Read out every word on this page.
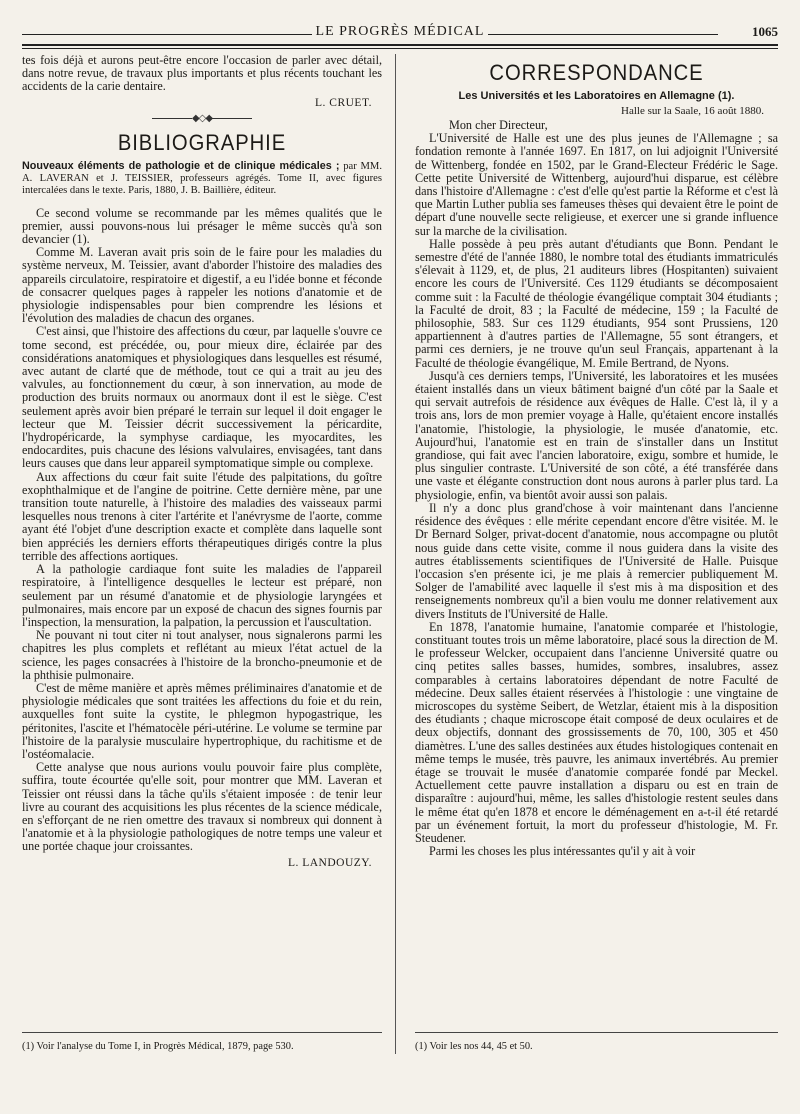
LE PROGRÈS MÉDICAL	1065

tes fois déjà et aurons peut-être encore l'occasion de parler avec détail, dans notre revue, de travaux plus importants et plus récents touchant les accidents de la carie dentaire.

L. CRUET.
◆◇◆
BIBLIOGRAPHIE
Nouveaux éléments de pathologie et de clinique médicales ; par MM. A. LAVERAN et J. TEISSIER, professeurs agrégés. Tome II, avec figures intercalées dans le texte. Paris, 1880, J. B. Baillière, éditeur.

Ce second volume se recommande par les mêmes qualités que le premier, aussi pouvons-nous lui présager le même succès qu'à son devancier (1).

Comme M. Laveran avait pris soin de le faire pour les maladies du système nerveux, M. Teissier, avant d'aborder l'histoire des maladies des appareils circulatoire, respiratoire et digestif, a eu l'idée bonne et féconde de consacrer quelques pages à rappeler les notions d'anatomie et de physiologie indispensables pour bien comprendre les lésions et l'évolution des maladies de chacun des organes.

C'est ainsi, que l'histoire des affections du cœur, par laquelle s'ouvre ce tome second, est précédée, ou, pour mieux dire, éclairée par des considérations anatomiques et physiologiques dans lesquelles est résumé, avec autant de clarté que de méthode, tout ce qui a trait au jeu des valvules, au fonctionnement du cœur, à son innervation, au mode de production des bruits normaux ou anormaux dont il est le siège. C'est seulement après avoir bien préparé le terrain sur lequel il doit engager le lecteur que M. Teissier décrit successivement la péricardite, l'hydropéricarde, la symphyse cardiaque, les myocardites, les endocardites, puis chacune des lésions valvulaires, envisagées, tant dans leurs causes que dans leur appareil symptomatique simple ou complexe.

Aux affections du cœur fait suite l'étude des palpitations, du goître exophthalmique et de l'angine de poitrine. Cette dernière mène, par une transition toute naturelle, à l'histoire des maladies des vaisseaux parmi lesquelles nous trenons à citer l'artérite et l'anévrysme de l'aorte, comme ayant été l'objet d'une description exacte et complète dans laquelle sont bien appréciés les derniers efforts thérapeutiques dirigés contre la plus terrible des affections aortiques.

A la pathologie cardiaque font suite les maladies de l'appareil respiratoire, à l'intelligence desquelles le lecteur est préparé, non seulement par un résumé d'anatomie et de physiologie laryngées et pulmonaires, mais encore par un exposé de chacun des signes fournis par l'inspection, la mensuration, la palpation, la percussion et l'auscultation.

Ne pouvant ni tout citer ni tout analyser, nous signalerons parmi les chapitres les plus complets et reflétant au mieux l'état actuel de la science, les pages consacrées à l'histoire de la broncho-pneumonie et de la phthisie pulmonaire.

C'est de même manière et après mêmes préliminaires d'anatomie et de physiologie médicales que sont traitées les affections du foie et du rein, auxquelles font suite la cystite, le phlegmon hypogastrique, les péritonites, l'ascite et l'hématocèle péri-utérine. Le volume se termine par l'histoire de la paralysie musculaire hypertrophique, du rachitisme et de l'ostéomalacie.

Cette analyse que nous aurions voulu pouvoir faire plus complète, suffira, toute écourtée qu'elle soit, pour montrer que MM. Laveran et Teissier ont réussi dans la tâche qu'ils s'étaient imposée : de tenir leur livre au courant des acquisitions les plus récentes de la science médicale, en s'efforçant de ne rien omettre des travaux si nombreux qui donnent à l'anatomie et à la physiologie pathologiques de notre temps une valeur et une portée chaque jour croissantes.

L. LANDOUZY.
CORRESPONDANCE
Les Universités et les Laboratoires en Allemagne (1).
Halle sur la Saale, 16 août 1880.

Mon cher Directeur,

L'Université de Halle est une des plus jeunes de l'Allemagne ; sa fondation remonte à l'année 1697. En 1817, on lui adjoignit l'Université de Wittenberg, fondée en 1502, par le Grand-Electeur Frédéric le Sage. Cette petite Université de Wittenberg, aujourd'hui disparue, est célèbre dans l'histoire d'Allemagne : c'est d'elle qu'est partie la Réforme et c'est là que Martin Luther publia ses fameuses thèses qui devaient être le point de départ d'une nouvelle secte religieuse, et exercer une si grande influence sur la marche de la civilisation.

Halle possède à peu près autant d'étudiants que Bonn. Pendant le semestre d'été de l'année 1880, le nombre total des étudiants immatriculés s'élevait à 1129, et, de plus, 21 auditeurs libres (Hospitanten) suivaient encore les cours de l'Université. Ces 1129 étudiants se décomposaient comme suit : la Faculté de théologie évangélique comptait 304 étudiants ; la Faculté de droit, 83 ; la Faculté de médecine, 159 ; la Faculté de philosophie, 583. Sur ces 1129 étudiants, 954 sont Prussiens, 120 appartiennent à d'autres parties de l'Allemagne, 55 sont étrangers, et parmi ces derniers, je ne trouve qu'un seul Français, appartenant à la Faculté de théologie évangélique, M. Emile Bertrand, de Nyons.

Jusqu'à ces derniers temps, l'Université, les laboratoires et les musées étaient installés dans un vieux bâtiment baigné d'un côté par la Saale et qui servait autrefois de résidence aux évêques de Halle. C'est là, il y a trois ans, lors de mon premier voyage à Halle, qu'étaient encore installés l'anatomie, l'histologie, la physiologie, le musée d'anatomie, etc. Aujourd'hui, l'anatomie est en train de s'installer dans un Institut grandiose, qui fait avec l'ancien laboratoire, exigu, sombre et humide, le plus singulier contraste. L'Université de son côté, a été transférée dans une vaste et élégante construction dont nous aurons à parler plus tard. La physiologie, enfin, va bientôt avoir aussi son palais.

Il n'y a donc plus grand'chose à voir maintenant dans l'ancienne résidence des évêques : elle mérite cependant encore d'être visitée. M. le Dr Bernard Solger, privat-docent d'anatomie, nous accompagne ou plutôt nous guide dans cette visite, comme il nous guidera dans la visite des autres établissements scientifiques de l'Université de Halle. Puisque l'occasion s'en présente ici, je me plais à remercier publiquement M. Solger de l'amabilité avec laquelle il s'est mis à ma disposition et des renseignements nombreux qu'il a bien voulu me donner relativement aux divers Instituts de l'Université de Halle.

En 1878, l'anatomie humaine, l'anatomie comparée et l'histologie, constituant toutes trois un même laboratoire, placé sous la direction de M. le professeur Welcker, occupaient dans l'ancienne Université quatre ou cinq petites salles basses, humides, sombres, insalubres, assez comparables à certains laboratoires dépendant de notre Faculté de médecine. Deux salles étaient réservées à l'histologie : une vingtaine de microscopes du système Seibert, de Wetzlar, étaient mis à la disposition des étudiants ; chaque microscope était composé de deux oculaires et de deux objectifs, donnant des grossissements de 70, 100, 305 et 450 diamètres. L'une des salles destinées aux études histologiques contenait en même temps le musée, très pauvre, les animaux invertébrés. Au premier étage se trouvait le musée d'anatomie comparée fondé par Meckel. Actuellement cette pauvre installation a disparu ou est en train de disparaître : aujourd'hui, même, les salles d'histologie restent seules dans le même état qu'en 1878 et encore le déménagement en a-t-il été retardé par un événement fortuit, la mort du professeur d'histologie, M. Fr. Steudener.

Parmi les choses les plus intéressantes qu'il y ait à voir

(1) Voir l'analyse du Tome I, in Progrès Médical, 1879, page 530.	(1) Voir les nos 44, 45 et 50.
